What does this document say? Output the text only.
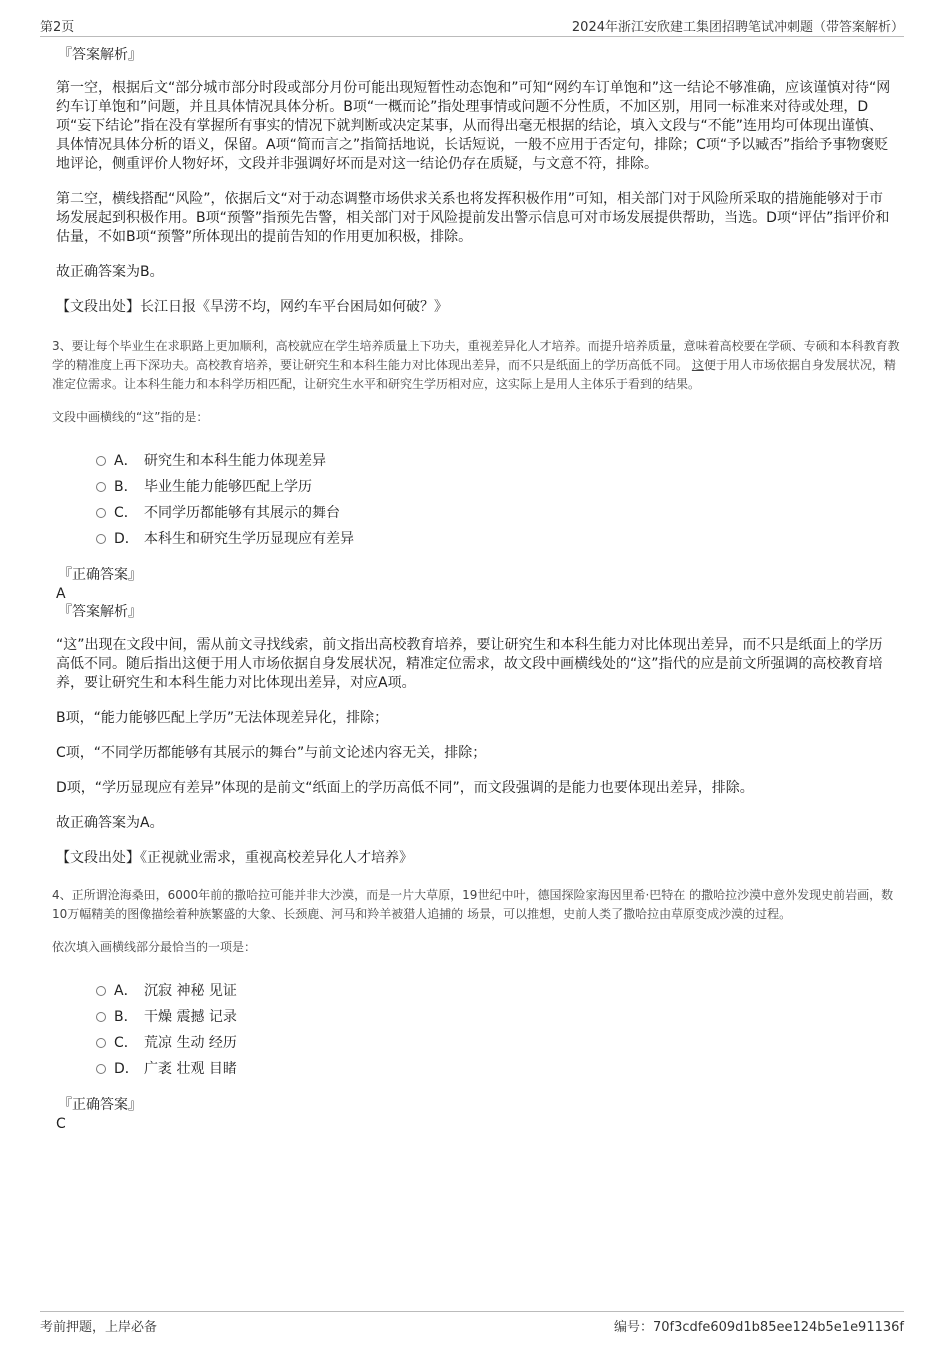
第2页	2024年浙江安欣建工集团招聘笔试冲刺题（带答案解析）
『答案解析』

第一空，根据后文“部分城市部分时段或部分月份可能出现短暂性动态饱和”可知“网约车订单饱和”这一结论不够准确，应该谨慎对待“网约车订单饱和”问题，并且具体情况具体分析。B项“一概而论”指处理事情或问题不分性质，不加区别，用同一标准来对待或处理，D项“妄下结论”指在没有掌握所有事实的情况下就判断或决定某事，从而得出毫无根据的结论，填入文段与“不能”连用均可体现出谨慎、具体情况具体分析的语义，保留。A项“简而言之”指简括地说，长话短说，一般不应用于否定句，排除；C项“予以臧否”指给予事物褒贬地评论，侧重评价人物好坏，文段并非强调好坏而是对这一结论仍存在质疑，与文意不符，排除。

第二空，横线搭配“风险”，依据后文“对于动态调整市场供求关系也将发挥积极作用”可知，相关部门对于风险所采取的措施能够对于市场发展起到积极作用。B项“预警”指预先告警，相关部门对于风险提前发出警示信息可对市场发展提供帮助，当选。D项“评估”指评价和估量，不如B项“预警”所体现出的提前告知的作用更加积极，排除。

故正确答案为B。

【文段出处】长江日报《旱涝不均，网约车平台困局如何破？》

3、要让每个毕业生在求职路上更加顺利，高校就应在学生培养质量上下功夫，重视差异化人才培养。而提升培养质量，意味着高校要在学硕、专硕和本科教育教学的精准度上再下深功夫。高校教育培养，要让研究生和本科生能力对比体现出差异，而不只是纸面上的学历高低不同。 这便于用人市场依据自身发展状况，精准定位需求。让本科生能力和本科学历相匹配，让研究生水平和研究生学历相对应，这实际上是用人主体乐于看到的结果。

文段中画横线的“这”指的是：

A． 研究生和本科生能力体现差异
B． 毕业生能力能够匹配上学历
C． 不同学历都能够有其展示的舞台
D． 本科生和研究生学历显现应有差异
『正确答案』
A
『答案解析』

“这”出现在文段中间，需从前文寻找线索，前文指出高校教育培养，要让研究生和本科生能力对比体现出差异，而不只是纸面上的学历高低不同。随后指出这便于用人市场依据自身发展状况，精准定位需求，故文段中画横线处的“这”指代的应是前文所强调的高校教育培养，要让研究生和本科生能力对比体现出差异，对应A项。

B项，“能力能够匹配上学历”无法体现差异化，排除；

C项，“不同学历都能够有其展示的舞台”与前文论述内容无关，排除；

D项，“学历显现应有差异”体现的是前文“纸面上的学历高低不同”，而文段强调的是能力也要体现出差异，排除。

故正确答案为A。

【文段出处】《正视就业需求，重视高校差异化人才培养》

4、正所谓沧海桑田，6000年前的撒哈拉可能并非大沙漠，而是一片大草原，19世纪中叶，德国探险家海因里希·巴特在 的撒哈拉沙漠中意外发现史前岩画，数10万幅精美的图像描绘着种族繁盛的大象、长颈鹿、河马和羚羊被猎人追捕的 场景，可以推想，史前人类了撒哈拉由草原变成沙漠的过程。

依次填入画横线部分最恰当的一项是：

A． 沉寂 神秘 见证
B． 干燥 震撼 记录
C． 荒凉 生动 经历
D． 广袤 壮观 目睹
『正确答案』
C
考前押题，上岸必备	编号：70f3cdfe609d1b85ee124b5e1e91136f
